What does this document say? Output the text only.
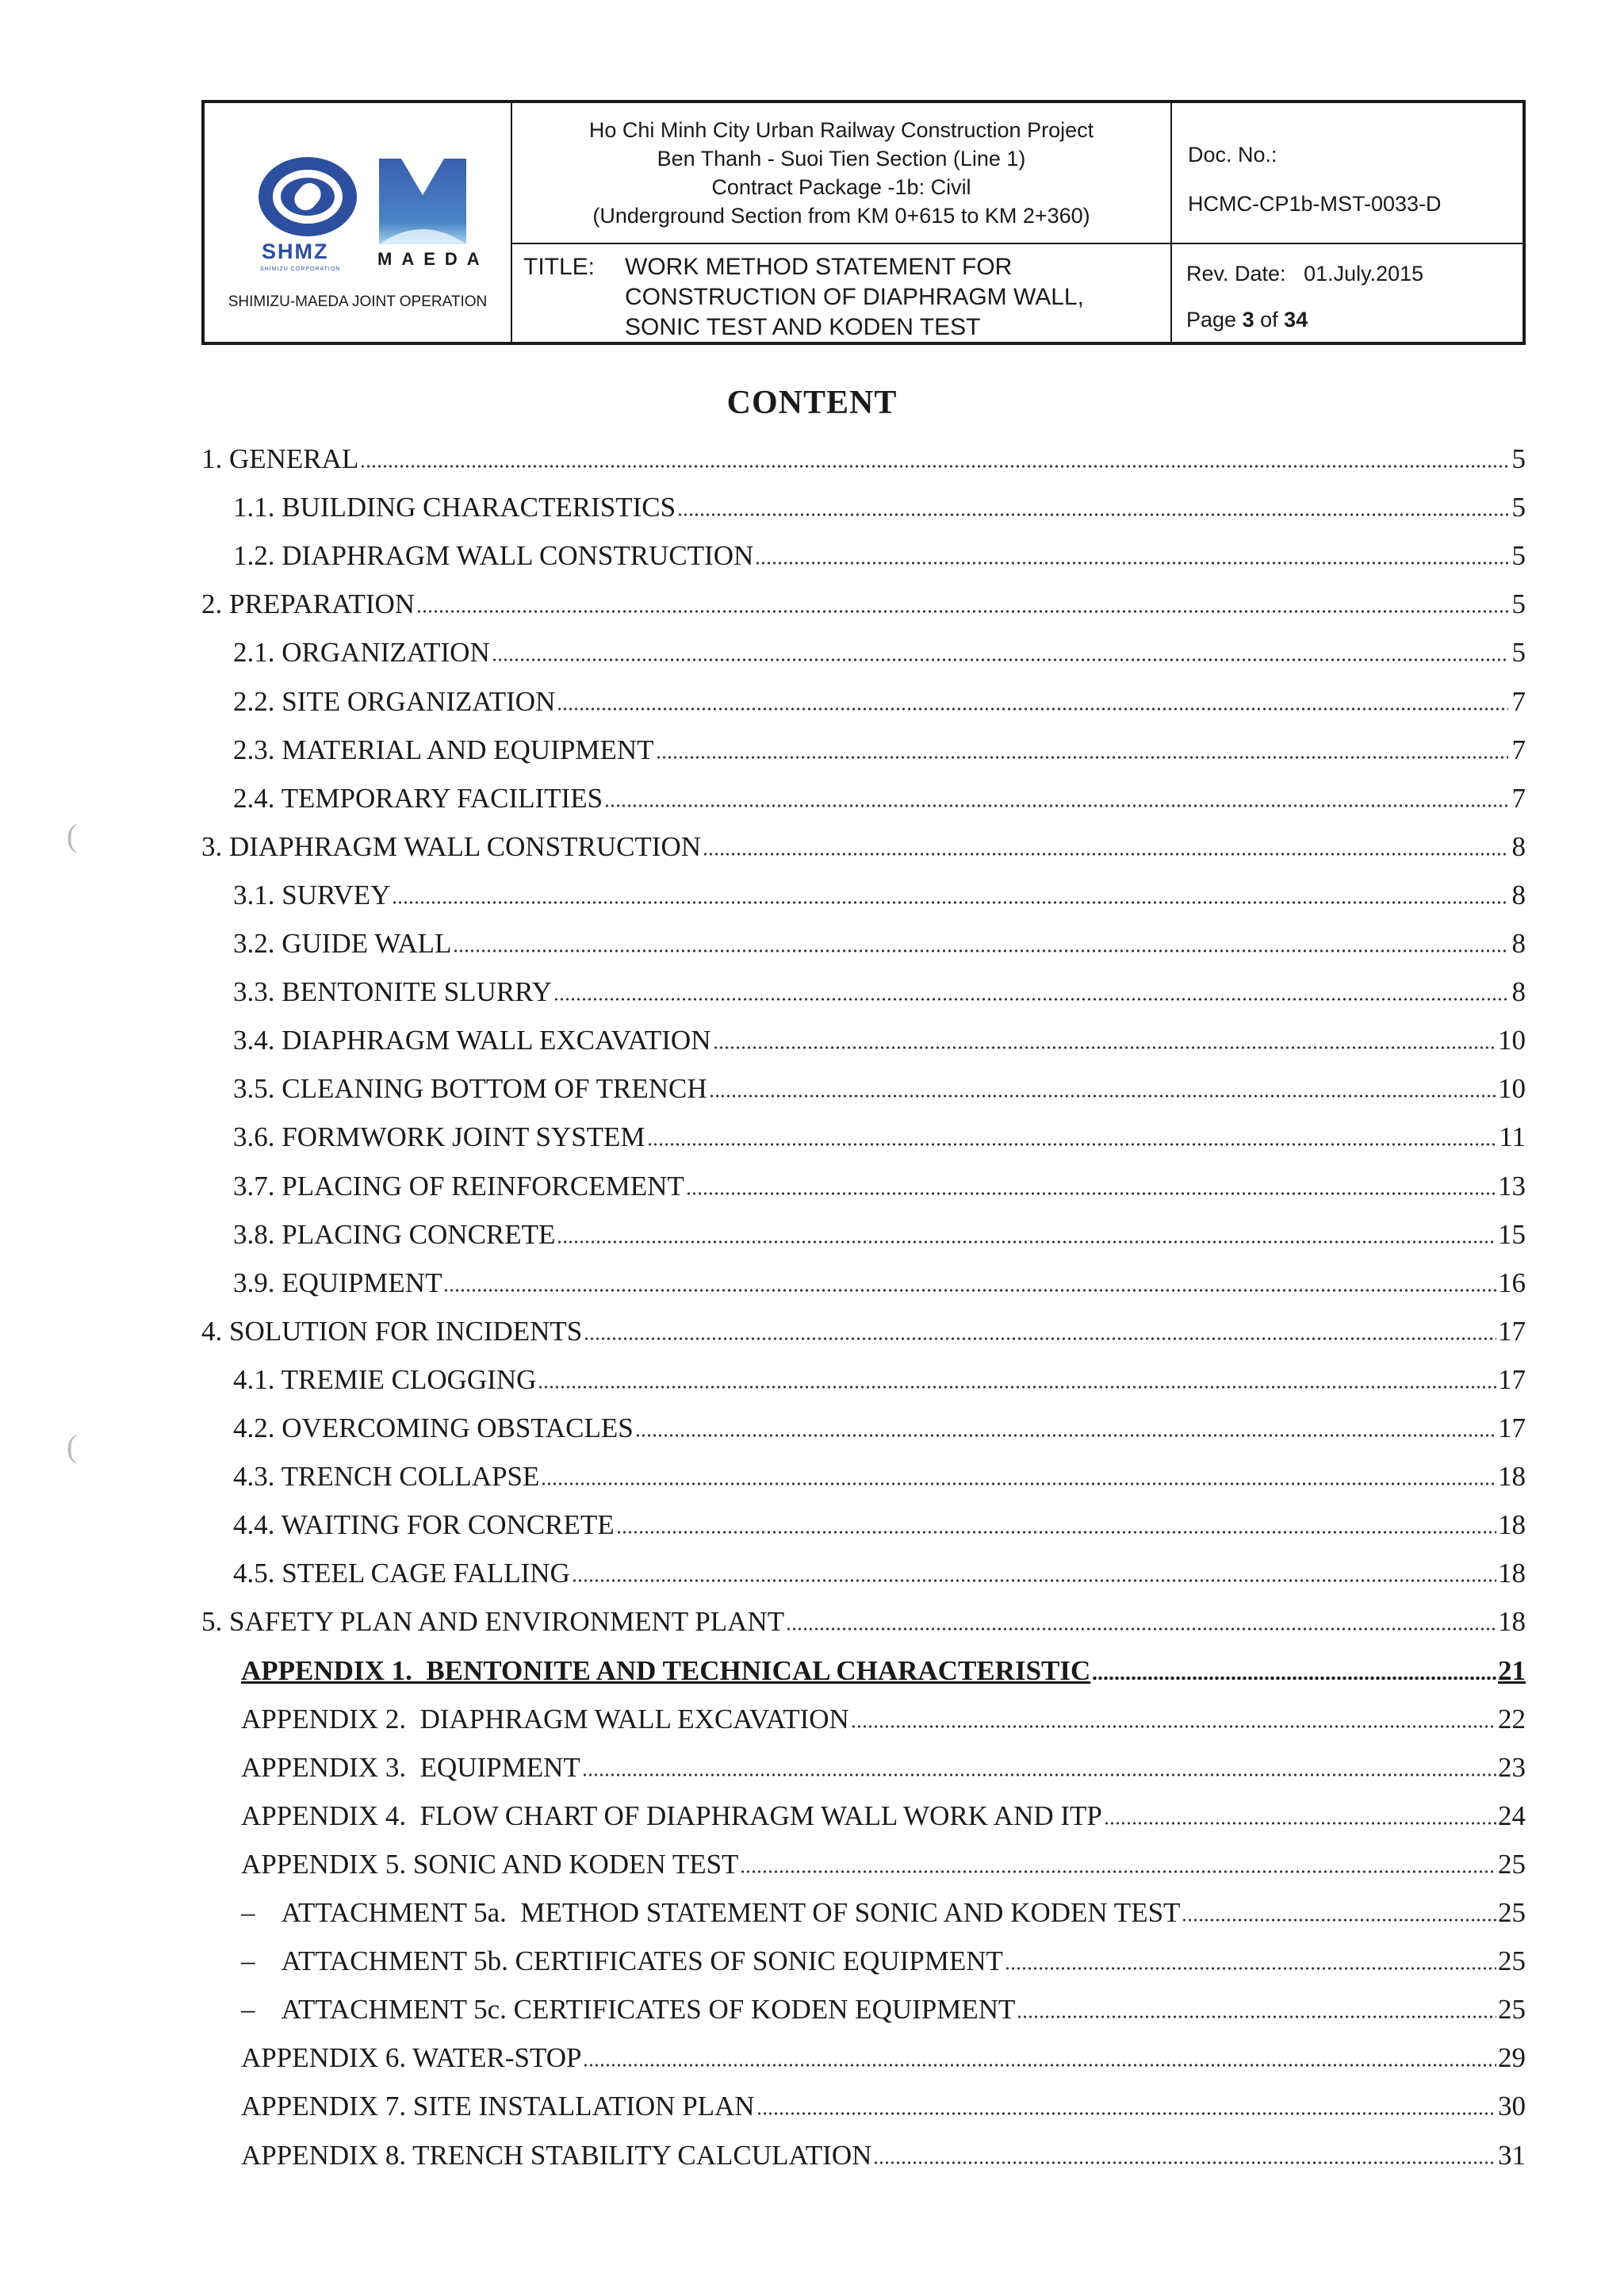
SHMZ
SHIMIZU CORPORATION
MAEDA
SHIMIZU-MAEDA JOINT OPERATION
Ho Chi Minh City Urban Railway Construction Project
Ben Thanh - Suoi Tien Section (Line 1)
Contract Package -1b: Civil
(Underground Section from KM 0+615 to KM 2+360)
Doc. No.:
HCMC-CP1b-MST-0033-D
TITLE: WORK METHOD STATEMENT FOR
CONSTRUCTION OF DIAPHRAGM WALL,
SONIC TEST AND KODEN TEST
Rev. Date: 01.July.2015
Page 3 of 34
CONTENT
1. GENERAL	5
1.1. BUILDING CHARACTERISTICS	5
1.2. DIAPHRAGM WALL CONSTRUCTION	5
2. PREPARATION	5
2.1. ORGANIZATION	5
2.2. SITE ORGANIZATION	7
2.3. MATERIAL AND EQUIPMENT	7
2.4. TEMPORARY FACILITIES	7
3. DIAPHRAGM WALL CONSTRUCTION	8
3.1. SURVEY	8
3.2. GUIDE WALL	8
3.3. BENTONITE SLURRY	8
3.4. DIAPHRAGM WALL EXCAVATION	10
3.5. CLEANING BOTTOM OF TRENCH	10
3.6. FORMWORK JOINT SYSTEM	11
3.7. PLACING OF REINFORCEMENT	13
3.8. PLACING CONCRETE	15
3.9. EQUIPMENT	16
4. SOLUTION FOR INCIDENTS	17
4.1. TREMIE CLOGGING	17
4.2. OVERCOMING OBSTACLES	17
4.3. TRENCH COLLAPSE	18
4.4. WAITING FOR CONCRETE	18
4.5. STEEL CAGE FALLING	18
5. SAFETY PLAN AND ENVIRONMENT PLANT	18
APPENDIX 1.  BENTONITE AND TECHNICAL CHARACTERISTIC	21
APPENDIX 2.  DIAPHRAGM WALL EXCAVATION	22
APPENDIX 3.  EQUIPMENT	23
APPENDIX 4.  FLOW CHART OF DIAPHRAGM WALL WORK AND ITP	24
APPENDIX 5. SONIC AND KODEN TEST	25
–    ATTACHMENT 5a.  METHOD STATEMENT OF SONIC AND KODEN TEST	25
–    ATTACHMENT 5b. CERTIFICATES OF SONIC EQUIPMENT	25
–    ATTACHMENT 5c. CERTIFICATES OF KODEN EQUIPMENT	25
APPENDIX 6. WATER-STOP	29
APPENDIX 7. SITE INSTALLATION PLAN	30
APPENDIX 8. TRENCH STABILITY CALCULATION	31
(
(
